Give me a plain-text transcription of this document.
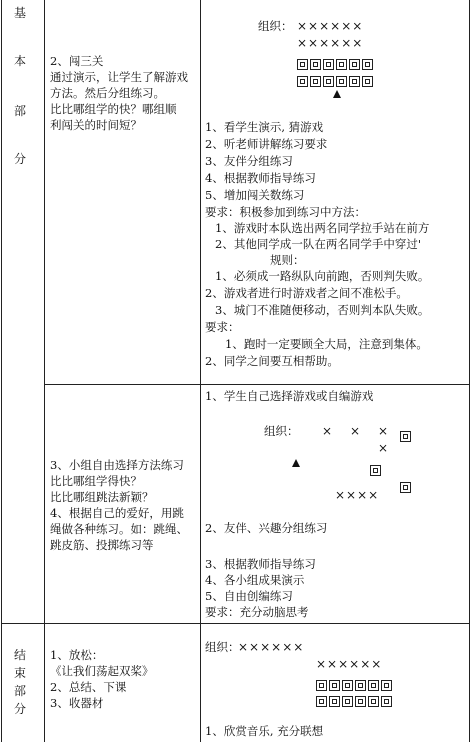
基
本
部
分
结
束
部
分
2、闯三关
通过演示，让学生了解游戏
方法。然后分组练习。
比比哪组学的快？哪组顺
利闯关的时间短？
组织： ××××××
××××××
1、看学生演示, 猜游戏
2、听老师讲解练习要求
3、友伴分组练习
4、根据教师指导练习
5、增加闯关数练习
要求：积极参加到练习中方法：
1、游戏时本队选出两名同学拉手站在前方
2、其他同学成一队在两名同学手中穿过'
规则：
1、必须成一路纵队向前跑，否则判失败。
2、游戏者进行时游戏者之间不准松手。
3、城门不准随便移动，否则判本队失败。
要求：
1、跑时一定要顾全大局，注意到集体。
2、同学之间要互相帮助。
3、小组自由选择方法练习
比比哪组学得快？
比比哪组跳法新颖？
4、根据自己的爱好，用跳
绳做各种练习。如：跳绳、
跳皮筋、投掷练习等
1、学生自己选择游戏或自编游戏
组织： × × ×
×
××××
2、友伴、兴趣分组练习
3、根据教师指导练习
4、各小组成果演示
5、自由创编练习
要求：充分动脑思考
1、放松：
《让我们荡起双桨》
2、总结、下课
3、收器材
组织：
××××××
××××××
1、欣赏音乐, 充分联想
